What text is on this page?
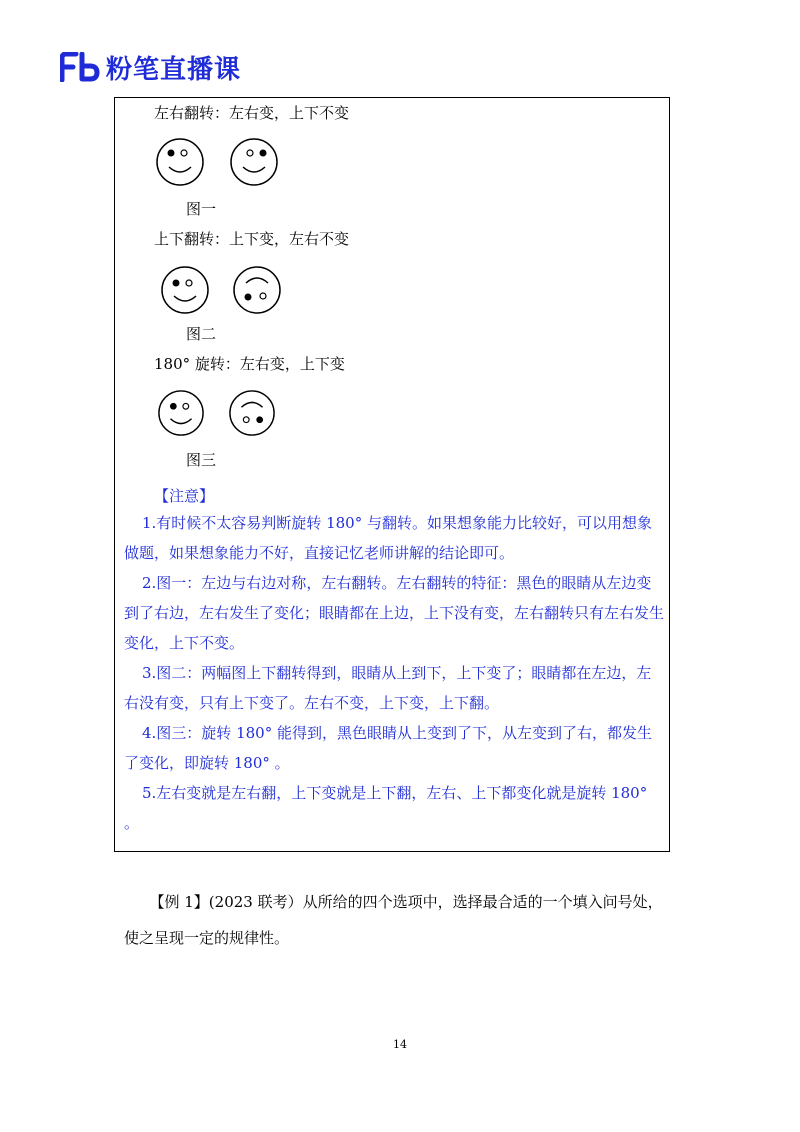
粉笔直播课
左右翻转：左右变，上下不变
图一
上下翻转：上下变，左右不变
图二
180° 旋转：左右变，上下变
图三
【注意】

1.有时候不太容易判断旋转 180° 与翻转。如果想象能力比较好，可以用想象做题，如果想象能力不好，直接记忆老师讲解的结论即可。

2.图一：左边与右边对称，左右翻转。左右翻转的特征：黑色的眼睛从左边变到了右边，左右发生了变化；眼睛都在上边，上下没有变，左右翻转只有左右发生变化，上下不变。

3.图二：两幅图上下翻转得到，眼睛从上到下，上下变了；眼睛都在左边，左右没有变，只有上下变了。左右不变，上下变，上下翻。

4.图三：旋转 180° 能得到，黑色眼睛从上变到了下，从左变到了右，都发生了变化，即旋转 180° 。

5.左右变就是左右翻，上下变就是上下翻，左右、上下都变化就是旋转 180° 。

【例 1】(2023 联考）从所给的四个选项中，选择最合适的一个填入问号处，使之呈现一定的规律性。
14
